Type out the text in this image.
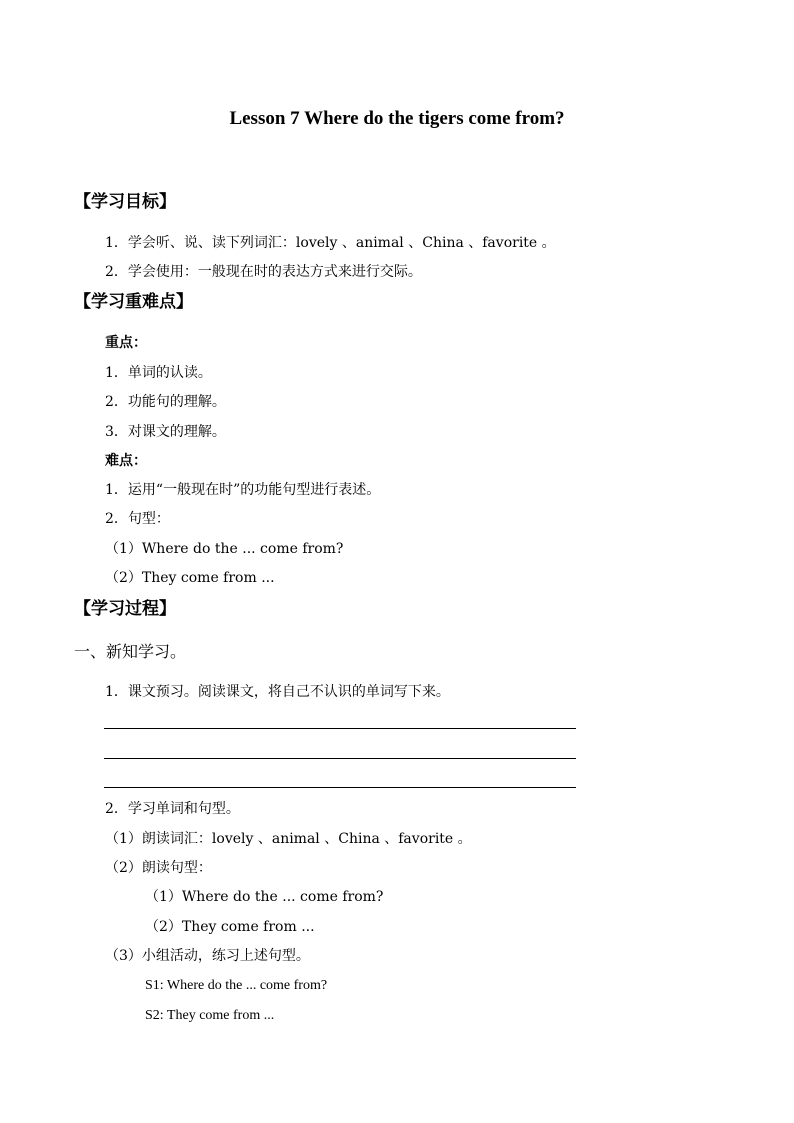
Lesson 7 Where do the tigers come from?
【学习目标】
1．学会听、说、读下列词汇：lovely 、animal 、China 、favorite 。
2．学会使用：一般现在时的表达方式来进行交际。
【学习重难点】
重点：
1．单词的认读。
2．功能句的理解。
3．对课文的理解。
难点：
1．运用“一般现在时”的功能句型进行表述。
2．句型：
（1）Where do the ... come from?
（2）They come from ...
【学习过程】
一、新知学习。
1．课文预习。阅读课文，将自己不认识的单词写下来。
2．学习单词和句型。
（1）朗读词汇：lovely 、animal 、China 、favorite 。
（2）朗读句型：
（1）Where do the ... come from?
（2）They come from ...
（3）小组活动，练习上述句型。
S1: Where do the ... come from?
S2: They come from ...
